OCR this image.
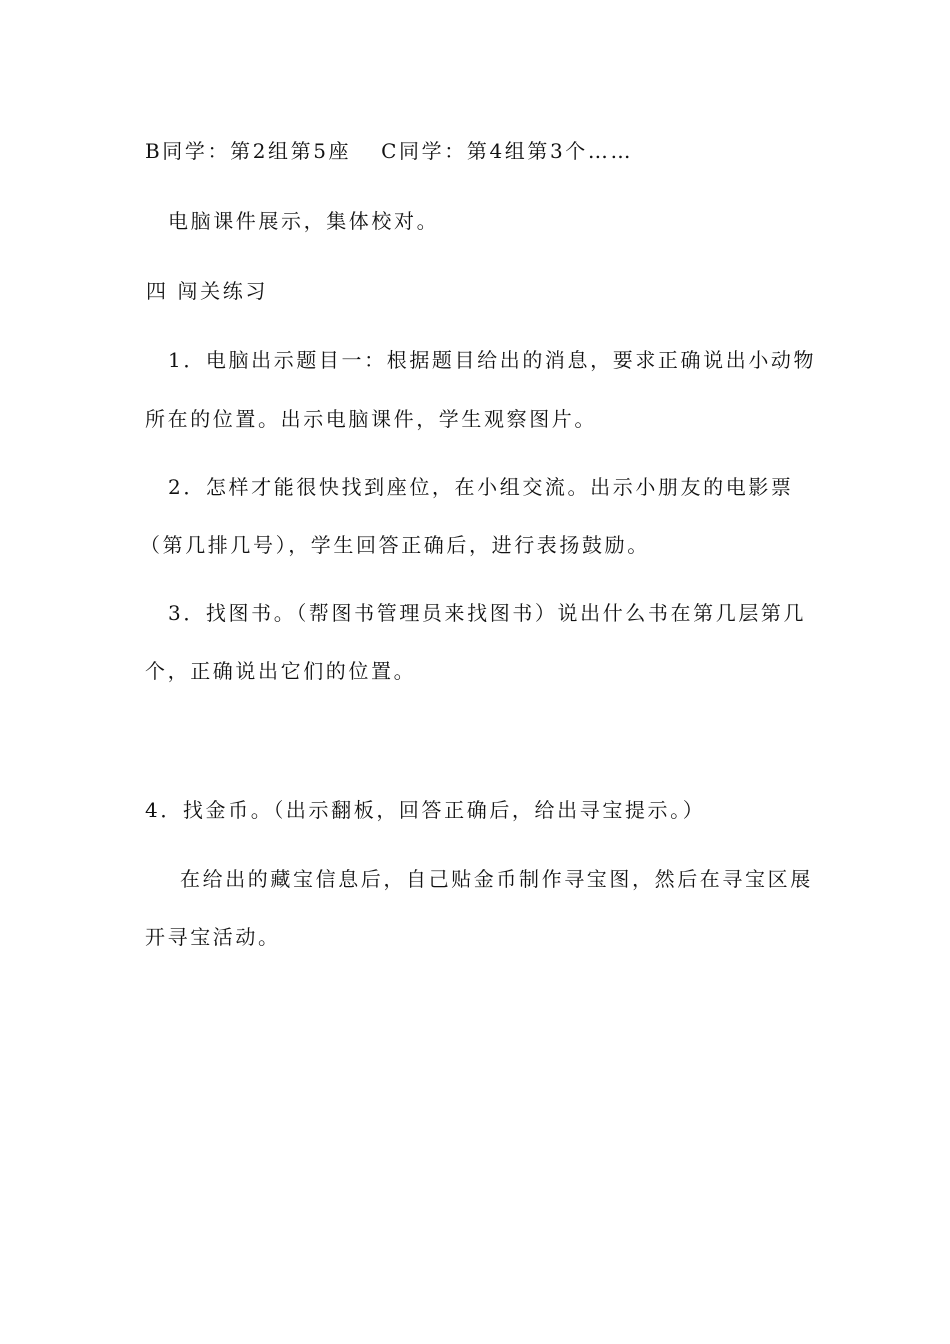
B同学：第2组第5座 C同学：第4组第3个……
电脑课件展示，集体校对。
四 闯关练习
1．电脑出示题目一：根据题目给出的消息，要求正确说出小动物
所在的位置。出示电脑课件，学生观察图片。
2．怎样才能很快找到座位，在小组交流。出示小朋友的电影票
（第几排几号），学生回答正确后，进行表扬鼓励。
3．找图书。（帮图书管理员来找图书）说出什么书在第几层第几
个，正确说出它们的位置。
4．找金币。（出示翻板，回答正确后，给出寻宝提示。）
在给出的藏宝信息后，自己贴金币制作寻宝图，然后在寻宝区展
开寻宝活动。
